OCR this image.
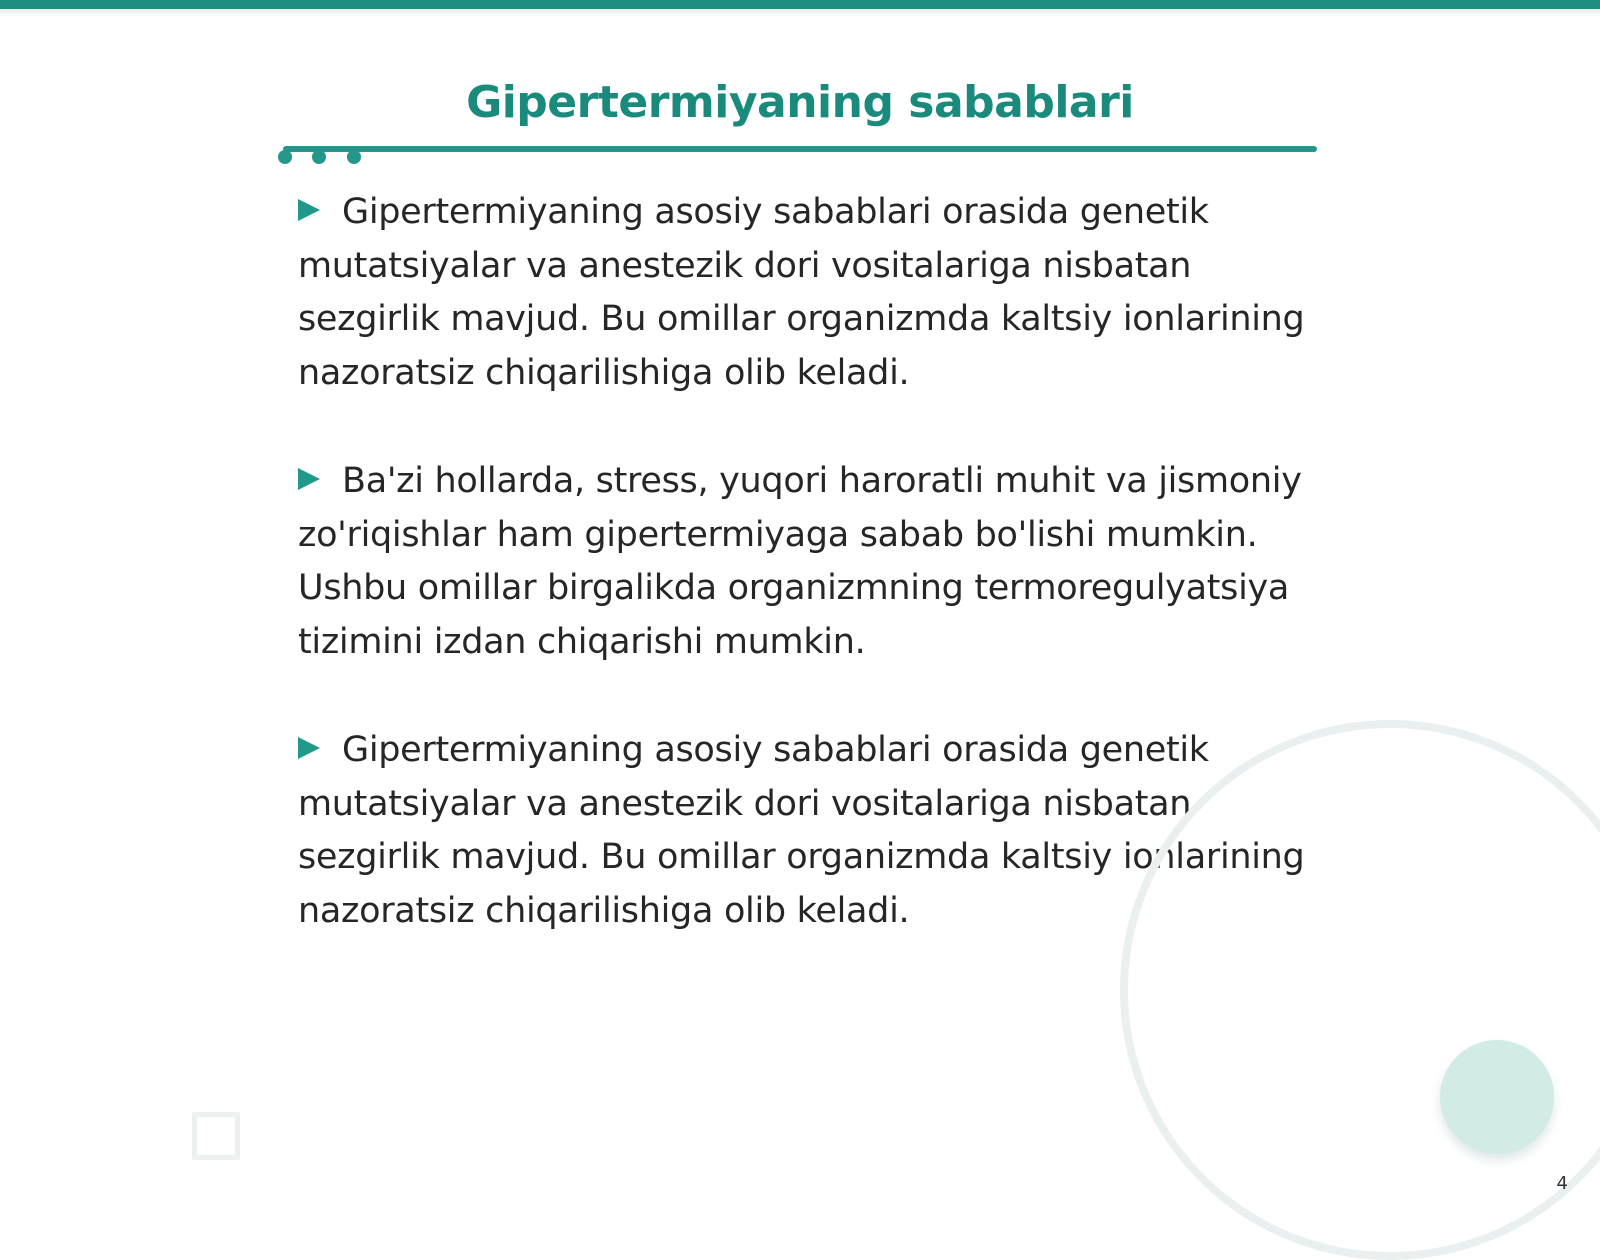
Gipertermiyaning sabablari
Gipertermiyaning asosiy sabablari orasida genetik mutatsiyalar va anestezik dori vositalariga nisbatan sezgirlik mavjud. Bu omillar organizmda kaltsiy ionlarining nazoratsiz chiqarilishiga olib keladi.
Ba'zi hollarda, stress, yuqori haroratli muhit va jismoniy zo'riqishlar ham gipertermiyaga sabab bo'lishi mumkin. Ushbu omillar birgalikda organizmning termoregulyatsiya tizimini izdan chiqarishi mumkin.
Gipertermiyaning asosiy sabablari orasida genetik mutatsiyalar va anestezik dori vositalariga nisbatan sezgirlik mavjud. Bu omillar organizmda kaltsiy ionlarining nazoratsiz chiqarilishiga olib keladi.
4
